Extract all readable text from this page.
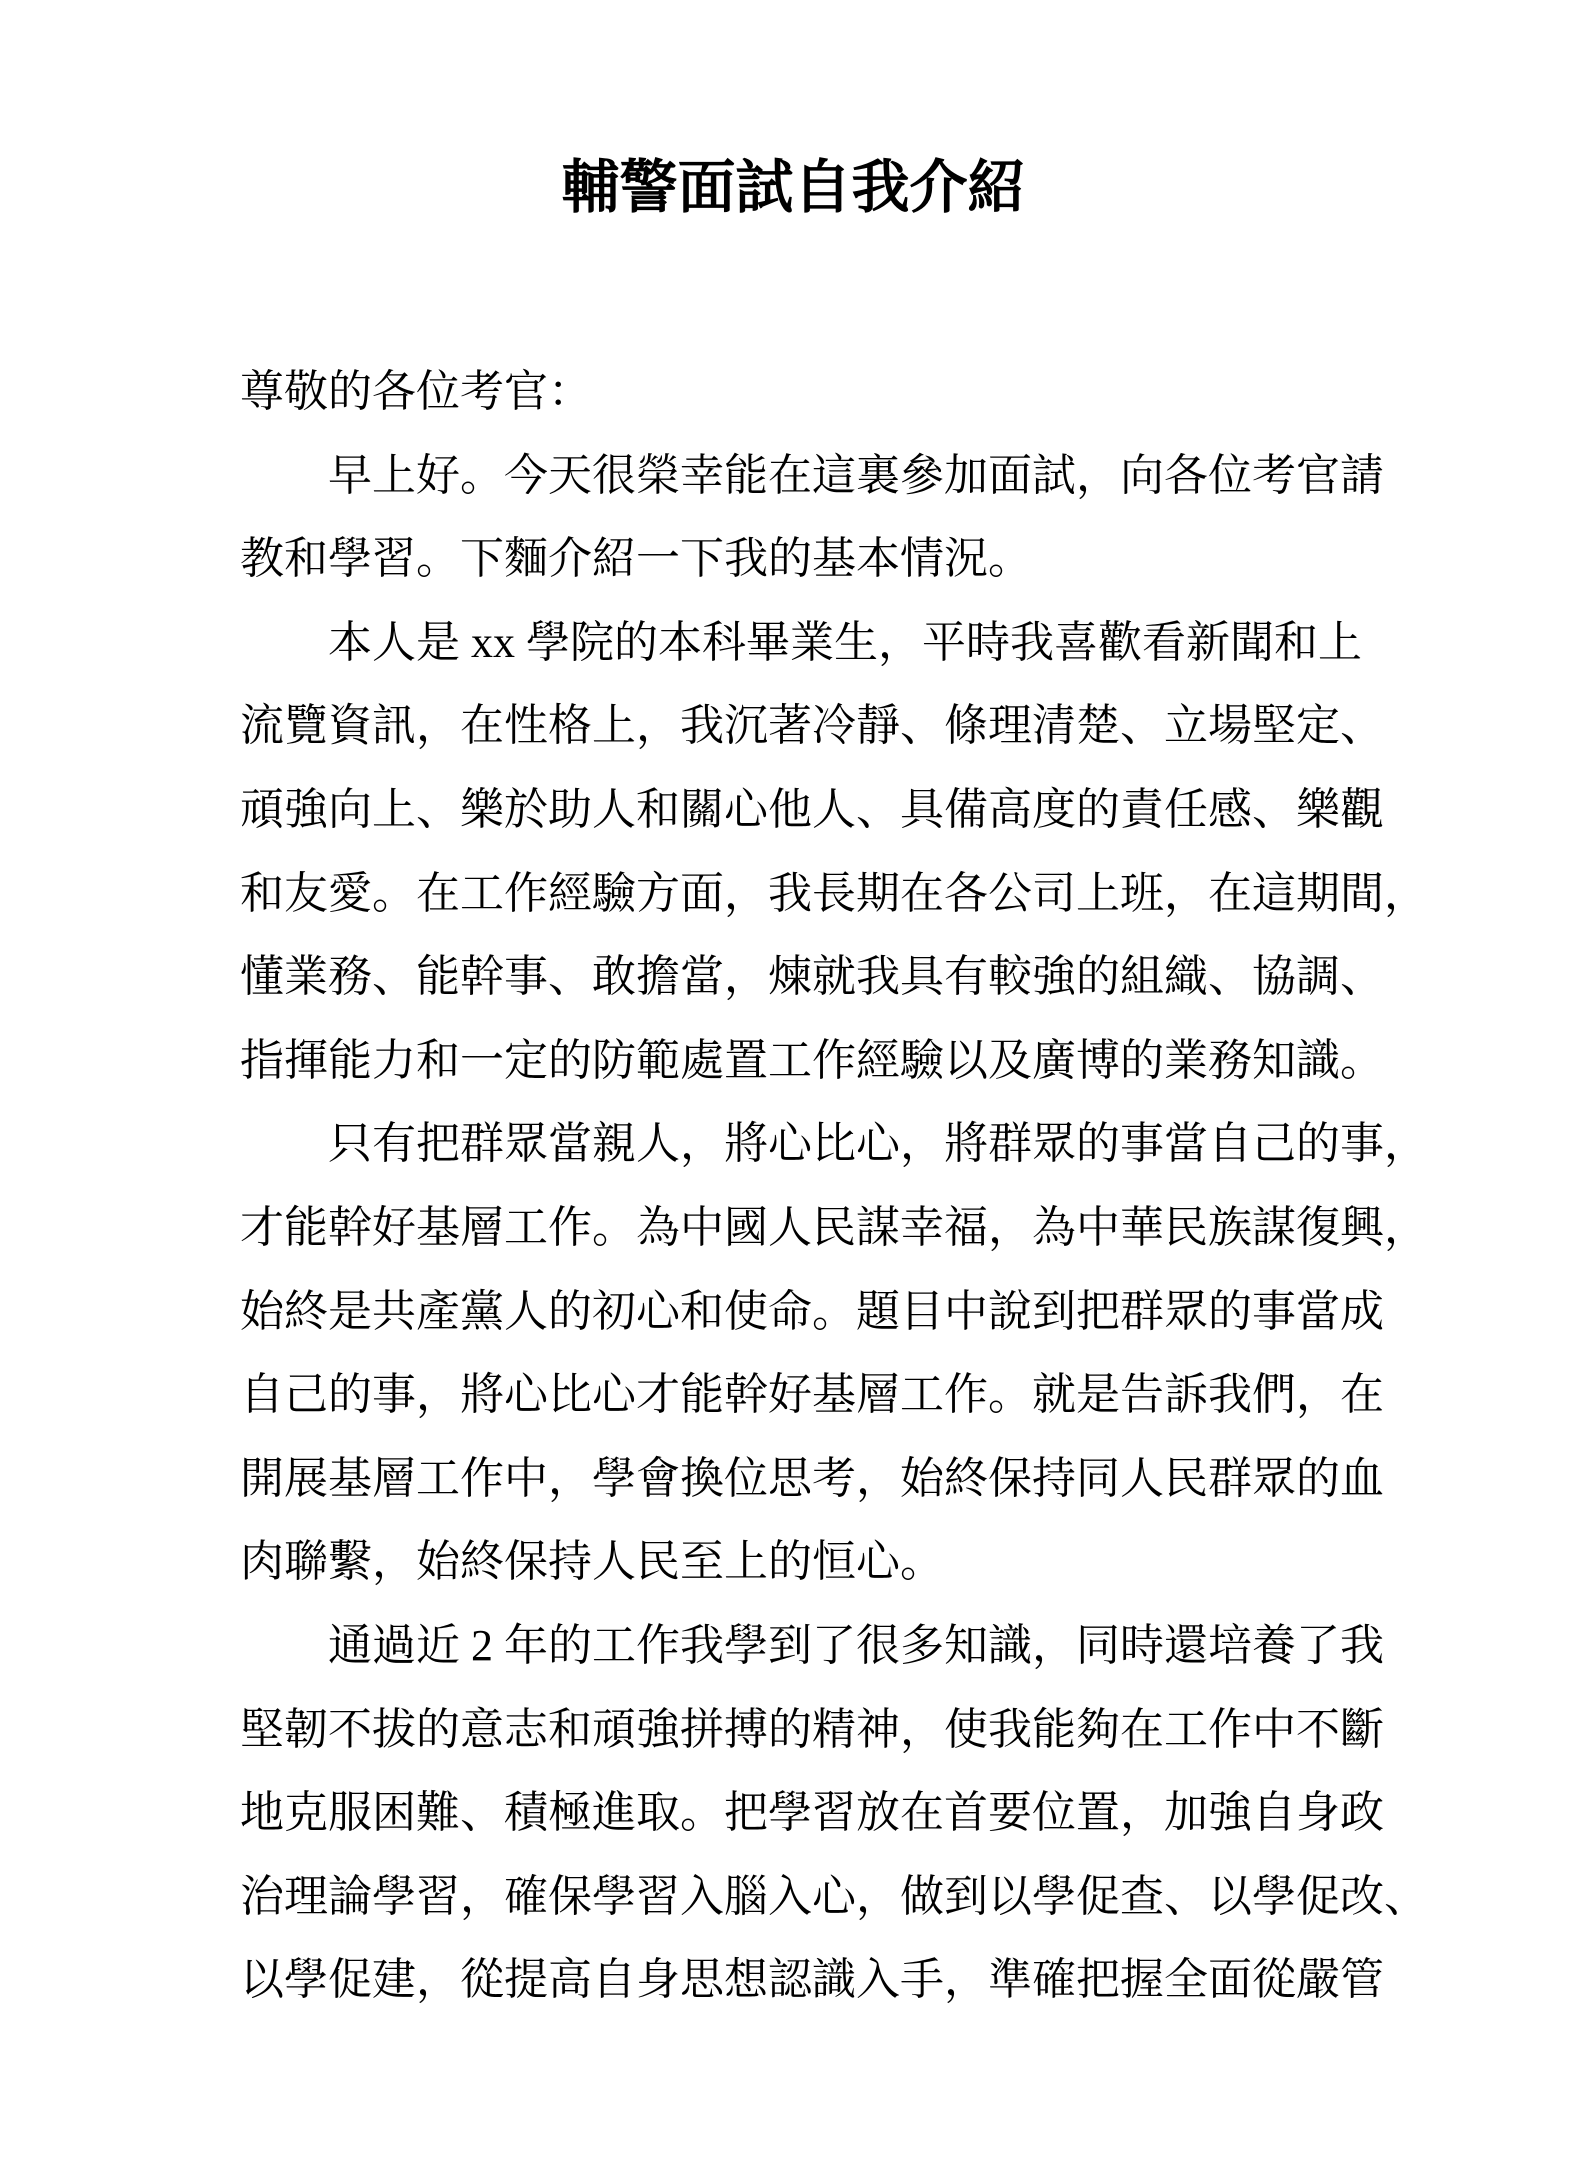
輔警面試自我介紹
尊敬的各位考官：
早上好。今天很榮幸能在這裏參加面試，向各位考官請
教和學習。下麵介紹一下我的基本情況。
本人是 xx 學院的本科畢業生，平時我喜歡看新聞和上
流覽資訊，在性格上，我沉著冷靜、條理清楚、立場堅定、
頑強向上、樂於助人和關心他人、具備高度的責任感、樂觀
和友愛。在工作經驗方面，我長期在各公司上班，在這期間，
懂業務、能幹事、敢擔當，煉就我具有較強的組織、協調、
指揮能力和一定的防範處置工作經驗以及廣博的業務知識。
只有把群眾當親人，將心比心，將群眾的事當自己的事，
才能幹好基層工作。為中國人民謀幸福，為中華民族謀復興，
始終是共產黨人的初心和使命。題目中說到把群眾的事當成
自己的事，將心比心才能幹好基層工作。就是告訴我們，在
開展基層工作中，學會換位思考，始終保持同人民群眾的血
肉聯繫，始終保持人民至上的恒心。
通過近 2 年的工作我學到了很多知識，同時還培養了我
堅韌不拔的意志和頑強拼搏的精神，使我能夠在工作中不斷
地克服困難、積極進取。把學習放在首要位置，加強自身政
治理論學習，確保學習入腦入心，做到以學促查、以學促改、
以學促建，從提高自身思想認識入手，準確把握全面從嚴管
